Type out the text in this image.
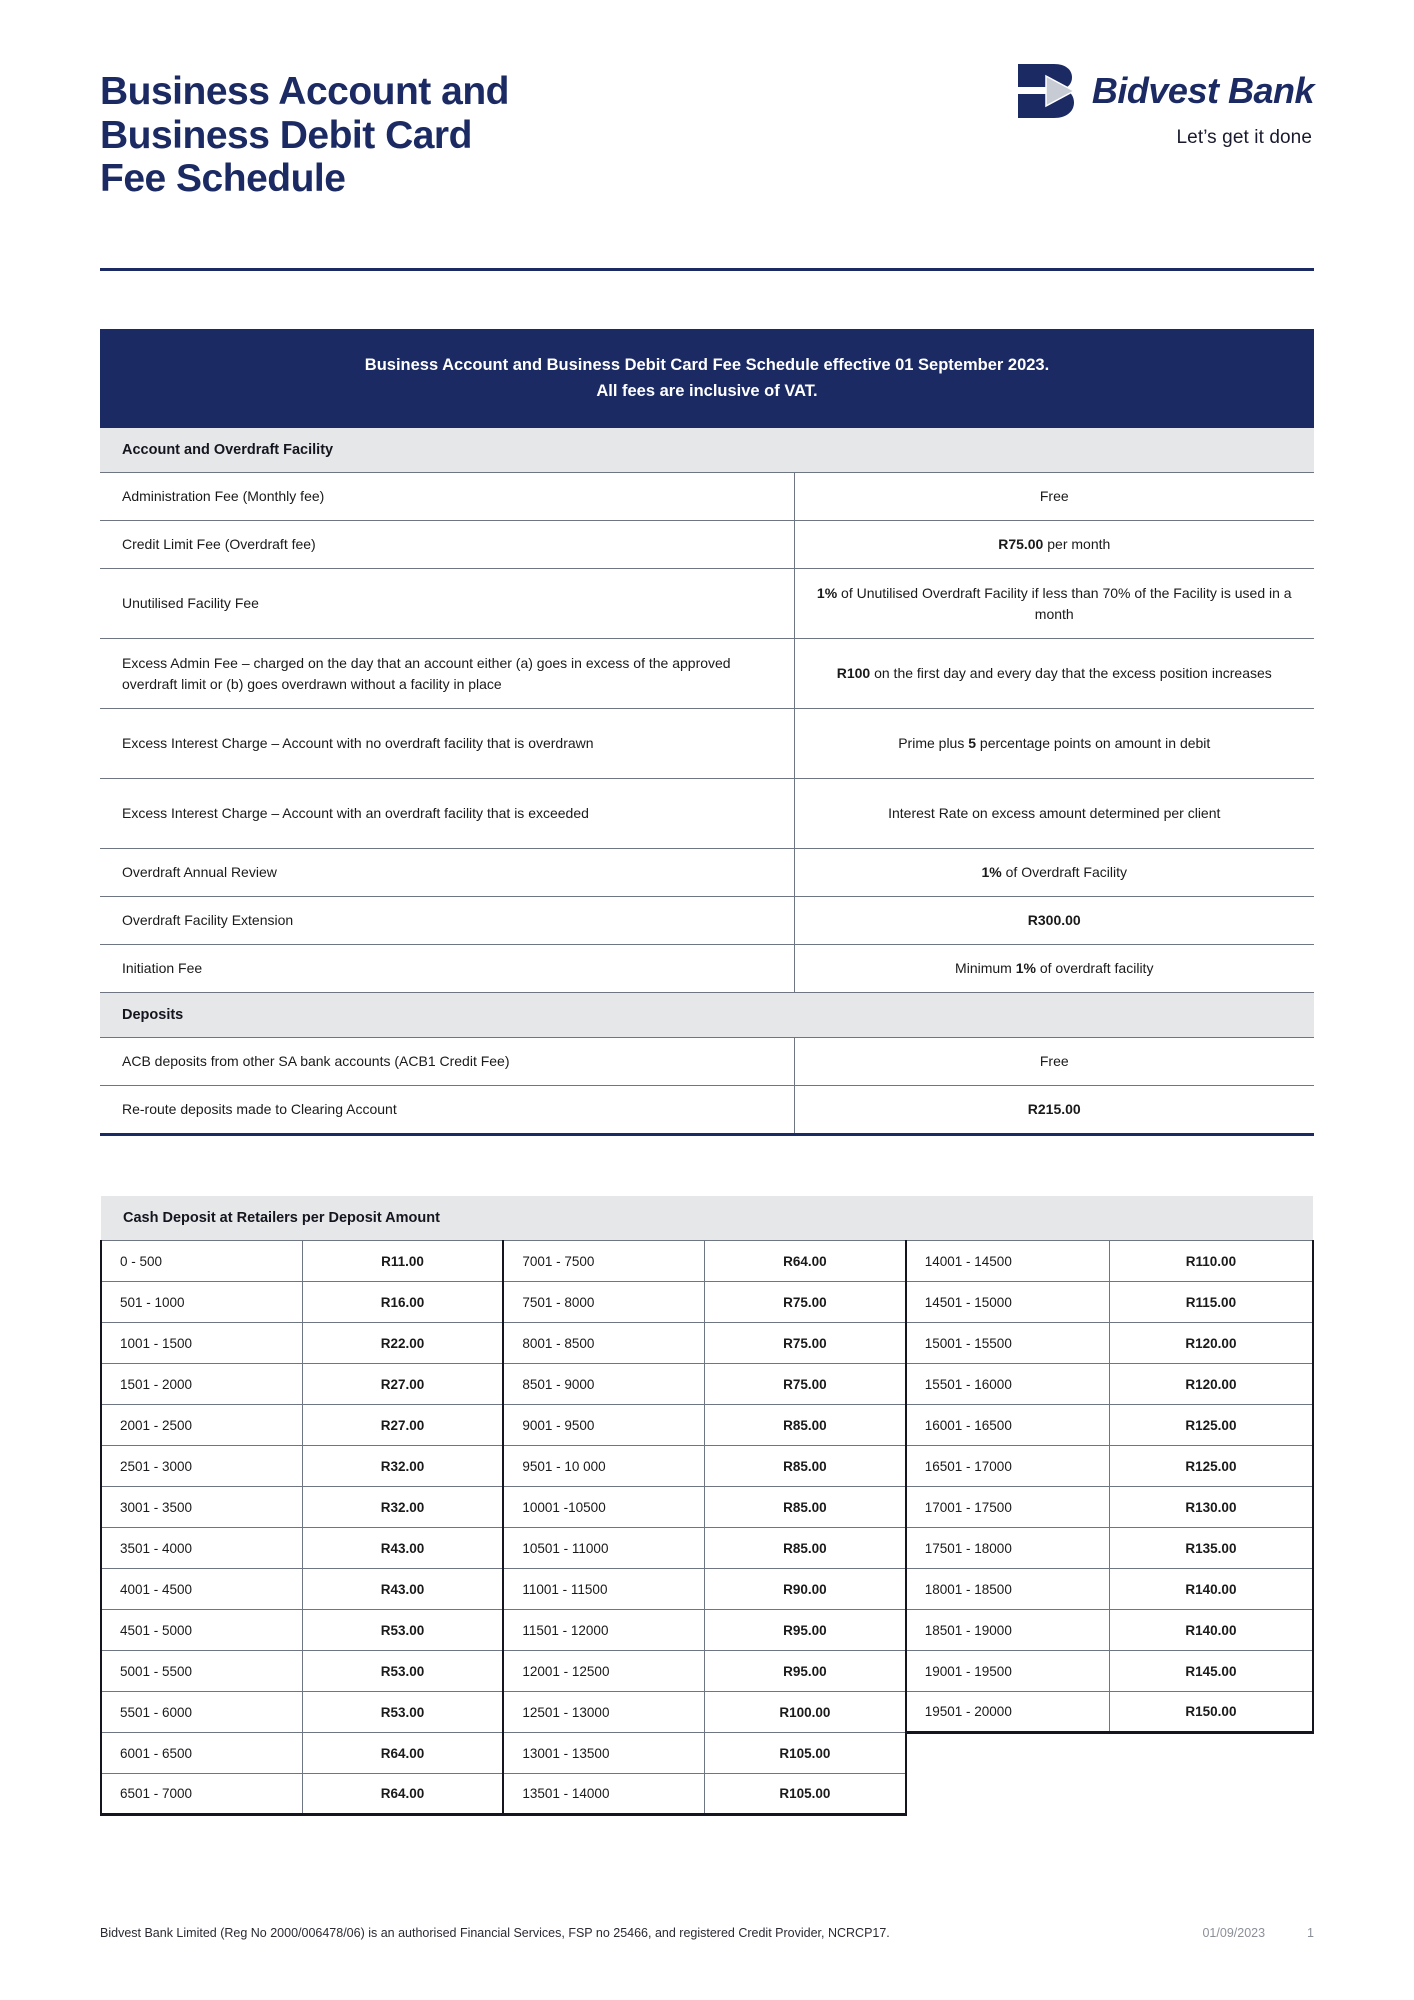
Business Account and
Business Debit Card
Fee Schedule
Bidvest Bank
Let’s get it done
Business Account and Business Debit Card Fee Schedule effective 01 September 2023.
All fees are inclusive of VAT.
Account and Overdraft Facility	
Administration Fee (Monthly fee)	Free
Credit Limit Fee (Overdraft fee)	R75.00 per month
Unutilised Facility Fee	1% of Unutilised Overdraft Facility if less than 70% of the Facility is used in a month
Excess Admin Fee – charged on the day that an account either (a) goes in excess of the approved overdraft limit or (b) goes overdrawn without a facility in place	R100 on the first day and every day that the excess position increases
Excess Interest Charge – Account with no overdraft facility that is overdrawn	Prime plus 5 percentage points on amount in debit
Excess Interest Charge – Account with an overdraft facility that is exceeded	Interest Rate on excess amount determined per client
Overdraft Annual Review	1% of Overdraft Facility
Overdraft Facility Extension	R300.00
Initiation Fee	Minimum 1% of overdraft facility
Deposits	
ACB deposits from other SA bank accounts (ACB1 Credit Fee)	Free
Re-route deposits made to Clearing Account	R215.00
Cash Deposit at Retailers per Deposit Amount					
0 - 500	R11.00	7001 - 7500	R64.00	14001 - 14500	R110.00
501 - 1000	R16.00	7501 - 8000	R75.00	14501 - 15000	R115.00
1001 - 1500	R22.00	8001 - 8500	R75.00	15001 - 15500	R120.00
1501 - 2000	R27.00	8501 - 9000	R75.00	15501 - 16000	R120.00
2001 - 2500	R27.00	9001 - 9500	R85.00	16001 - 16500	R125.00
2501 - 3000	R32.00	9501 - 10 000	R85.00	16501 - 17000	R125.00
3001 - 3500	R32.00	10001 -10500	R85.00	17001 - 17500	R130.00
3501 - 4000	R43.00	10501 - 11000	R85.00	17501 - 18000	R135.00
4001 - 4500	R43.00	11001 - 11500	R90.00	18001 - 18500	R140.00
4501 - 5000	R53.00	11501 - 12000	R95.00	18501 - 19000	R140.00
5001 - 5500	R53.00	12001 - 12500	R95.00	19001 - 19500	R145.00
5501 - 6000	R53.00	12501 - 13000	R100.00	19501 - 20000	R150.00
6001 - 6500	R64.00	13001 - 13500	R105.00		
6501 - 7000	R64.00	13501 - 14000	R105.00		
Bidvest Bank Limited (Reg No 2000/006478/06) is an authorised Financial Services, FSP no 25466, and registered Credit Provider, NCRCP17.	01/09/2023	1
